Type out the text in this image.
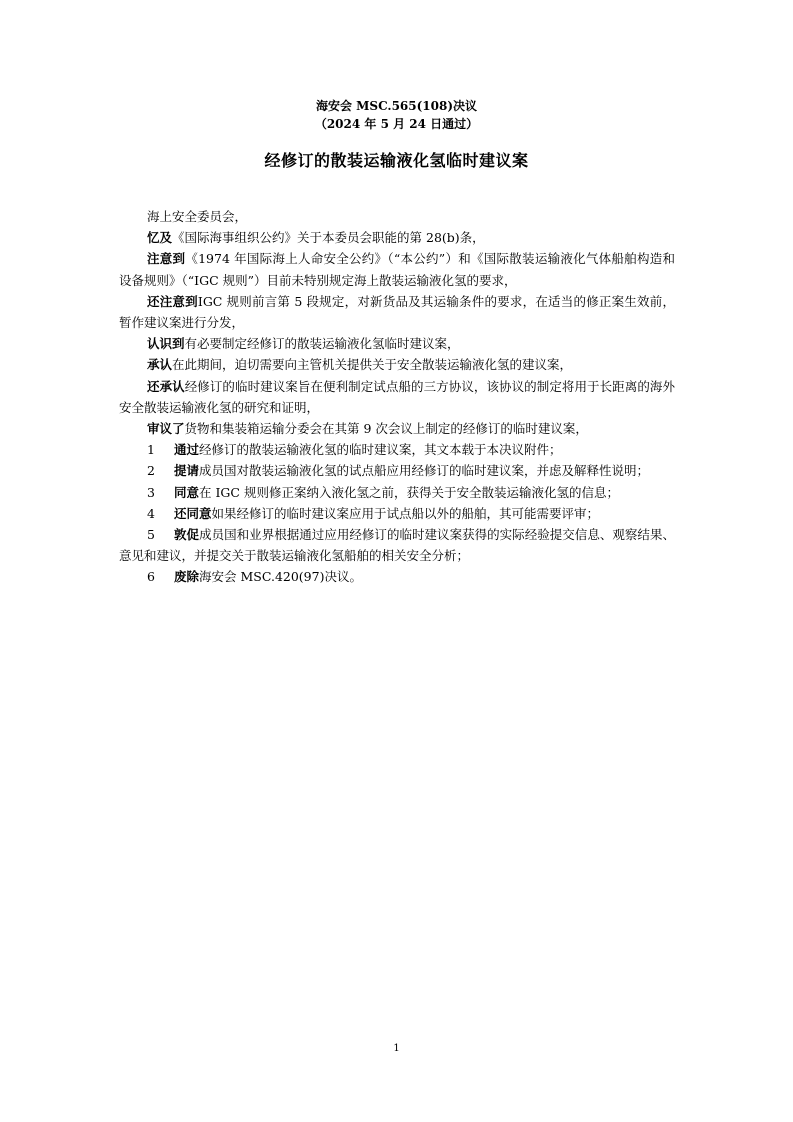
海安会 MSC.565(108)决议
（2024 年 5 月 24 日通过）
经修订的散装运输液化氢临时建议案

海上安全委员会，

忆及《国际海事组织公约》关于本委员会职能的第 28(b)条，

注意到《1974 年国际海上人命安全公约》（“本公约”）和《国际散装运输液化气体船舶构造和设备规则》（“IGC 规则”）目前未特别规定海上散装运输液化氢的要求，

还注意到IGC 规则前言第 5 段规定，对新货品及其运输条件的要求，在适当的修正案生效前，暂作建议案进行分发，

认识到有必要制定经修订的散装运输液化氢临时建议案，

承认在此期间，迫切需要向主管机关提供关于安全散装运输液化氢的建议案，

还承认经修订的临时建议案旨在便利制定试点船的三方协议，该协议的制定将用于长距离的海外安全散装运输液化氢的研究和证明，

审议了货物和集装箱运输分委会在其第 9 次会议上制定的经修订的临时建议案，

1 通过经修订的散装运输液化氢的临时建议案，其文本载于本决议附件；

2 提请成员国对散装运输液化氢的试点船应用经修订的临时建议案，并虑及解释性说明；

3 同意在 IGC 规则修正案纳入液化氢之前，获得关于安全散装运输液化氢的信息；

4 还同意如果经修订的临时建议案应用于试点船以外的船舶，其可能需要评审；

5 敦促成员国和业界根据通过应用经修订的临时建议案获得的实际经验提交信息、观察结果、意见和建议，并提交关于散装运输液化氢船舶的相关安全分析；

6 废除海安会 MSC.420(97)决议。

1
